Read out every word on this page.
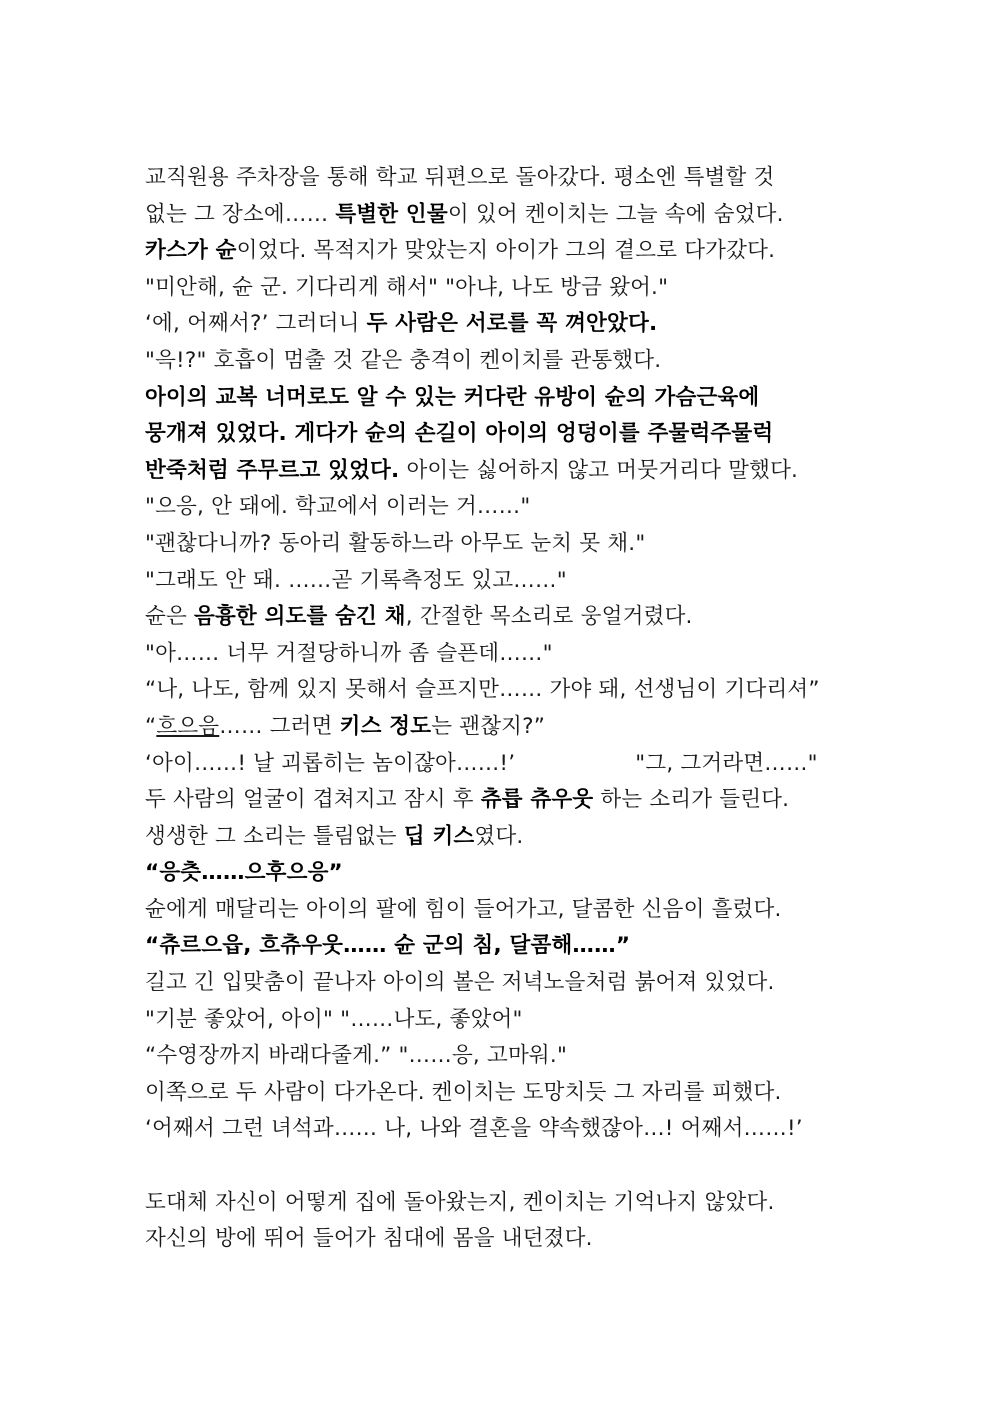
교직원용 주차장을 통해 학교 뒤편으로 돌아갔다. 평소엔 특별할 것
없는 그 장소에…… 특별한 인물이 있어 켄이치는 그늘 속에 숨었다.
카스가 슌이었다. 목적지가 맞았는지 아이가 그의 곁으로 다가갔다.
"미안해, 슌 군. 기다리게 해서" "아냐, 나도 방금 왔어."
‘에, 어째서?’ 그러더니 두 사람은 서로를 꼭 껴안았다.
"윽!?" 호흡이 멈출 것 같은 충격이 켄이치를 관통했다.
아이의 교복 너머로도 알 수 있는 커다란 유방이 슌의 가슴근육에
뭉개져 있었다. 게다가 슌의 손길이 아이의 엉덩이를 주물럭주물럭
반죽처럼 주무르고 있었다. 아이는 싫어하지 않고 머뭇거리다 말했다.
"으응, 안 돼에. 학교에서 이러는 거……"
"괜찮다니까? 동아리 활동하느라 아무도 눈치 못 채."
"그래도 안 돼. ……곧 기록측정도 있고……"
슌은 음흉한 의도를 숨긴 채, 간절한 목소리로 웅얼거렸다.
"아…… 너무 거절당하니까 좀 슬픈데……"
“나, 나도, 함께 있지 못해서 슬프지만…… 가야 돼, 선생님이 기다리셔”
“흐으음…… 그러면 키스 정도는 괜찮지?”
‘아이……! 날 괴롭히는 놈이잖아……!’	"그, 그거라면……"
두 사람의 얼굴이 겹쳐지고 잠시 후 츄릅 츄우웃 하는 소리가 들린다.
생생한 그 소리는 틀림없는 딥 키스였다.
“응츳……으후으응”
슌에게 매달리는 아이의 팔에 힘이 들어가고, 달콤한 신음이 흘렀다.
“츄르으읍, 흐츄우웃…… 슌 군의 침, 달콤해……”
길고 긴 입맞춤이 끝나자 아이의 볼은 저녁노을처럼 붉어져 있었다.
"기분 좋았어, 아이" "……나도, 좋았어"
“수영장까지 바래다줄게.” "……응, 고마워."
이쪽으로 두 사람이 다가온다. 켄이치는 도망치듯 그 자리를 피했다.
‘어째서 그런 녀석과…… 나, 나와 결혼을 약속했잖아…! 어째서……!’
도대체 자신이 어떻게 집에 돌아왔는지, 켄이치는 기억나지 않았다.
자신의 방에 뛰어 들어가 침대에 몸을 내던졌다.
